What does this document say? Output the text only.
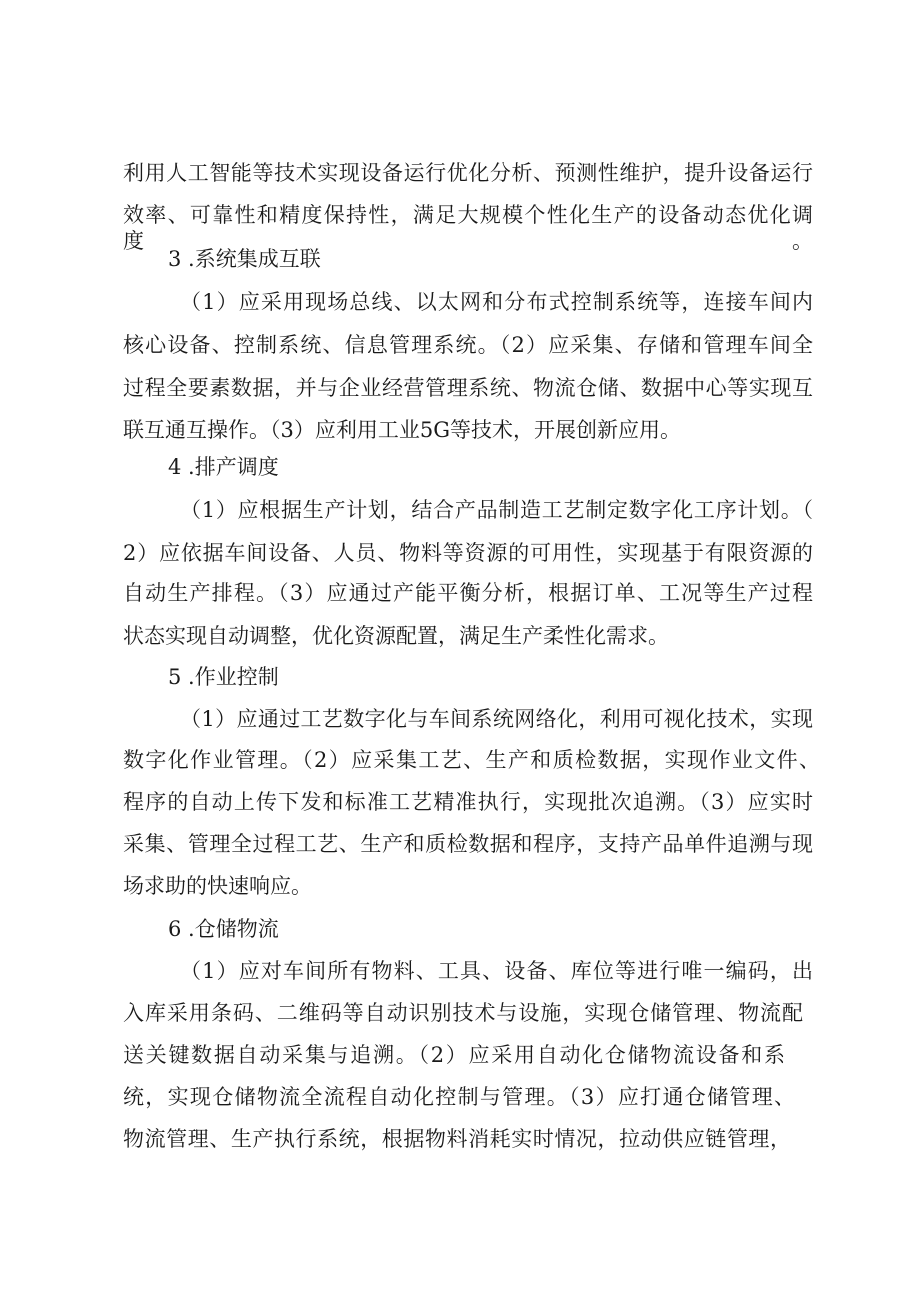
利用人工智能等技术实现设备运行优化分析、预测性维护，提升设备运行
效率、可靠性和精度保持性，满足大规模个性化生产的设备动态优化调度。
3 .系统集成互联
（1）应采用现场总线、以太网和分布式控制系统等，连接车间内
核心设备、控制系统、信息管理系统。（2）应采集、存储和管理车间全
过程全要素数据，并与企业经营管理系统、物流仓储、数据中心等实现互
联互通互操作。（3）应利用工业5G等技术，开展创新应用。
4 .排产调度
（1）应根据生产计划，结合产品制造工艺制定数字化工序计划。（
2）应依据车间设备、人员、物料等资源的可用性，实现基于有限资源的
自动生产排程。（3）应通过产能平衡分析，根据订单、工况等生产过程
状态实现自动调整，优化资源配置，满足生产柔性化需求。
5 .作业控制
（1）应通过工艺数字化与车间系统网络化，利用可视化技术，实现
数字化作业管理。（2）应采集工艺、生产和质检数据，实现作业文件、
程序的自动上传下发和标准工艺精准执行，实现批次追溯。（3）应实时
采集、管理全过程工艺、生产和质检数据和程序，支持产品单件追溯与现
场求助的快速响应。
6 .仓储物流
（1）应对车间所有物料、工具、设备、库位等进行唯一编码，出
入库采用条码、二维码等自动识别技术与设施，实现仓储管理、物流配
送关键数据自动采集与追溯。（2）应采用自动化仓储物流设备和系
统，实现仓储物流全流程自动化控制与管理。（3）应打通仓储管理、
物流管理、生产执行系统，根据物料消耗实时情况，拉动供应链管理，
